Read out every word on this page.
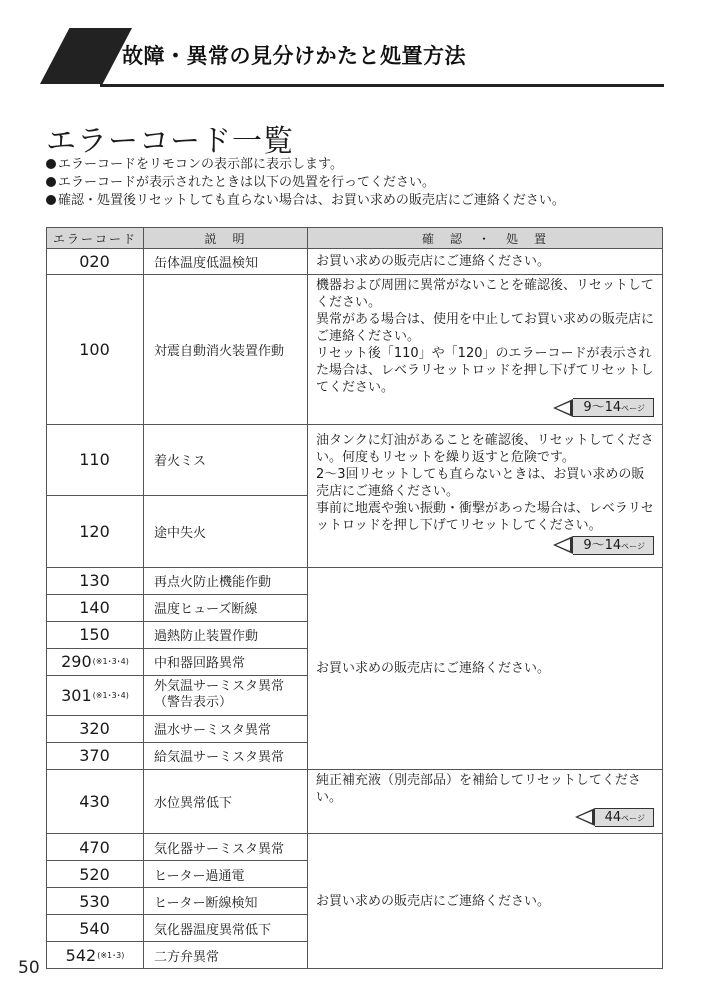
故障・異常の見分けかたと処置方法
エラーコード一覧
エラーコードをリモコンの表示部に表示します。
エラーコードが表示されたときは以下の処置を行ってください。
確認・処置後リセットしても直らない場合は、お買い求めの販売店にご連絡ください。
エラーコード	説　明	確　認　・　処　置
020	缶体温度低温検知	お買い求めの販売店にご連絡ください。
100	対震自動消火装置作動	機器および周囲に異常がないことを確認後、リセットしてください。
異常がある場合は、使用を中止してお買い求めの販売店にご連絡ください。
リセット後「110」や「120」のエラーコードが表示された場合は、レベラリセットロッドを押し下げてリセットしてください。
9〜14ページ

110	着火ミス	油タンクに灯油があることを確認後、リセットしてください。何度もリセットを繰り返すと危険です。
2〜3回リセットしても直らないときは、お買い求めの販売店にご連絡ください。
事前に地震や強い振動・衝撃があった場合は、レベラリセットロッドを押し下げてリセットしてください。
9〜14ページ

120	途中失火	
130	再点火防止機能作動	お買い求めの販売店にご連絡ください。
140	温度ヒューズ断線	
150	過熱防止装置作動	
290(※1･3･4)	中和器回路異常	
301(※1･3･4)	外気温サーミスタ異常
（警告表示）	
320	温水サーミスタ異常	
370	給気温サーミスタ異常	
430	水位異常低下	純正補充液（別売部品）を補給してリセットしてください。
44ページ

470	気化器サーミスタ異常	お買い求めの販売店にご連絡ください。
520	ヒーター過通電	
530	ヒーター断線検知	
540	気化器温度異常低下	
542(※1･3)	二方弁異常	
50
